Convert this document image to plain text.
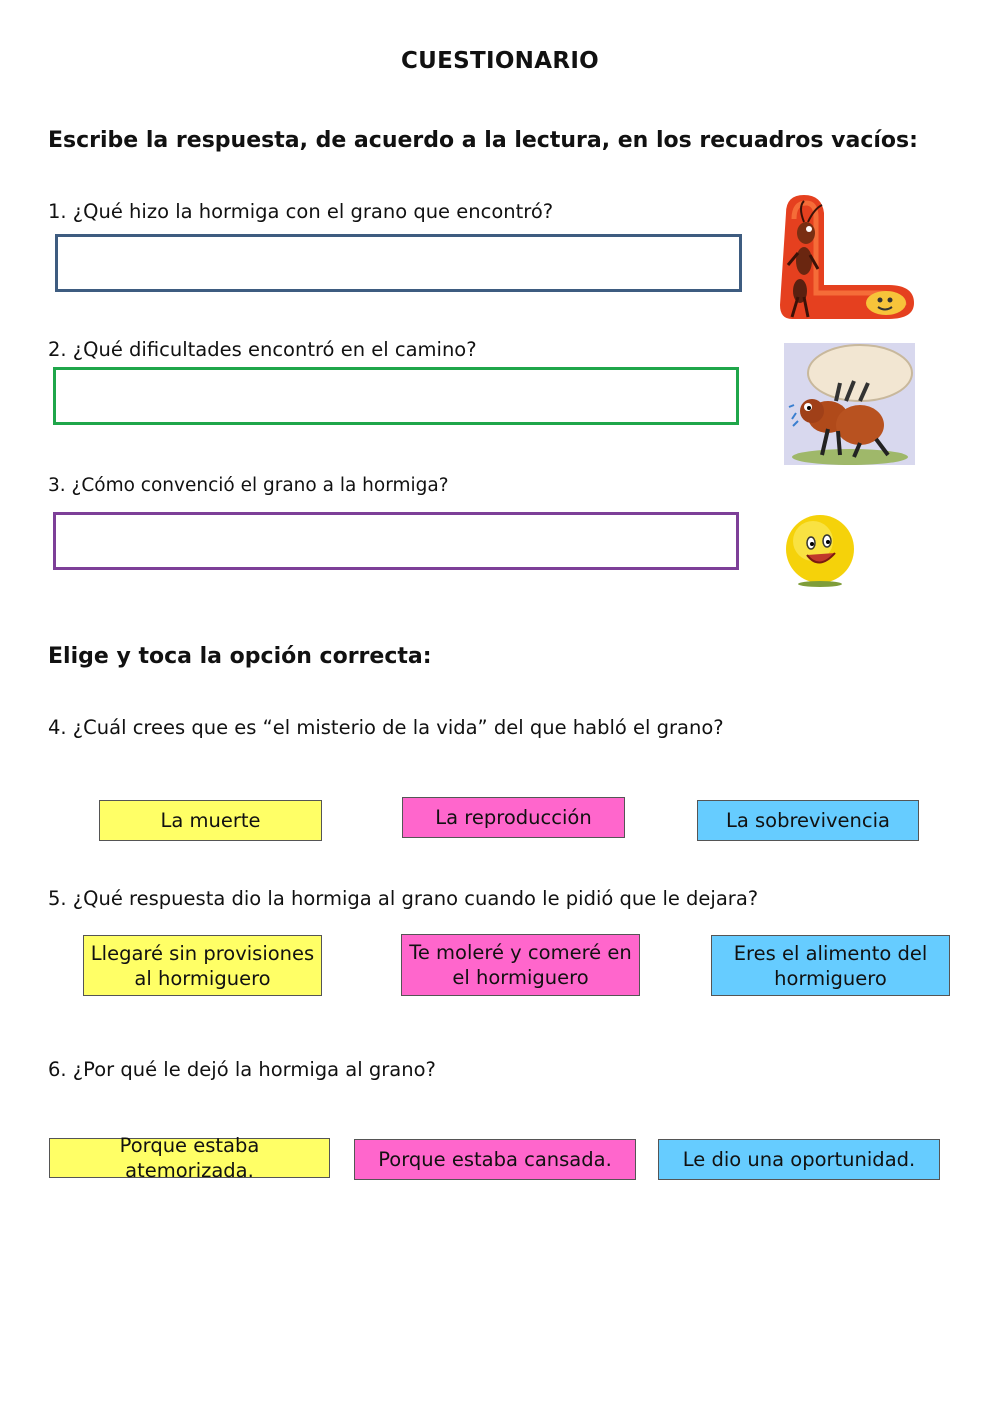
CUESTIONARIO
Escribe la respuesta, de acuerdo a la lectura, en los recuadros vacíos:
1. ¿Qué hizo la hormiga con el grano que encontró?
2. ¿Qué dificultades encontró en el camino?
3. ¿Cómo convenció el grano a la hormiga?
Elige y toca la opción correcta:
4. ¿Cuál crees que es “el misterio de la vida” del que habló el grano?
La muerte	La reproducción	La sobrevivencia
5. ¿Qué respuesta dio la hormiga al grano cuando le pidió que le dejara?
Llegaré sin provisiones al hormiguero
Te moleré y comeré en el hormiguero
Eres el alimento del hormiguero
6. ¿Por qué le dejó la hormiga al grano?
Porque estaba atemorizada.	Porque estaba cansada.	Le dio una oportunidad.
